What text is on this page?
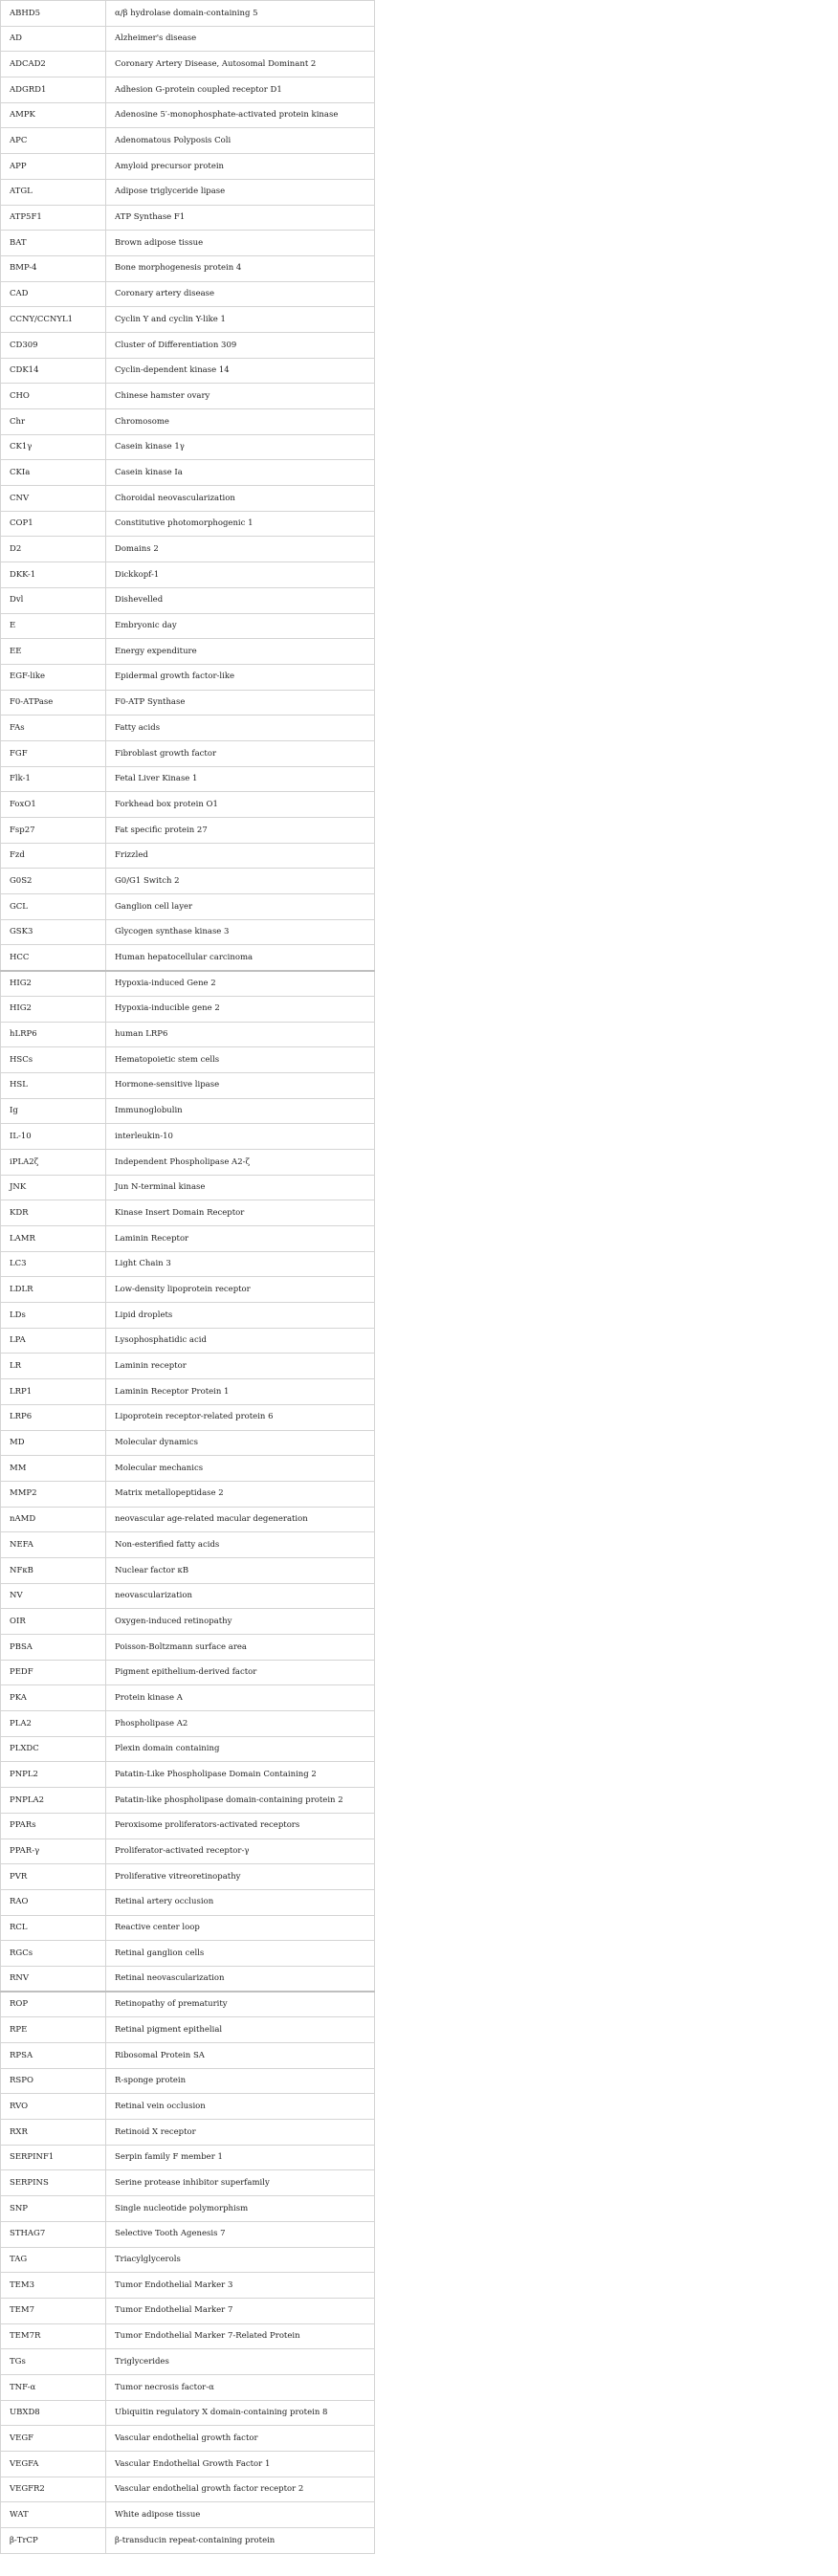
ABHD5	α/β hydrolase domain-containing 5
AD	Alzheimer's disease
ADCAD2	Coronary Artery Disease, Autosomal Dominant 2
ADGRD1	Adhesion G-protein coupled receptor D1
AMPK	Adenosine 5′-monophosphate-activated protein kinase
APC	Adenomatous Polyposis Coli
APP	Amyloid precursor protein
ATGL	Adipose triglyceride lipase
ATP5F1	ATP Synthase F1
BAT	Brown adipose tissue
BMP-4	Bone morphogenesis protein 4
CAD	Coronary artery disease
CCNY/CCNYL1	Cyclin Y and cyclin Y-like 1
CD309	Cluster of Differentiation 309
CDK14	Cyclin-dependent kinase 14
CHO	Chinese hamster ovary
Chr	Chromosome
CK1γ	Casein kinase 1γ
CKIa	Casein kinase Ia
CNV	Choroidal neovascularization
COP1	Constitutive photomorphogenic 1
D2	Domains 2
DKK-1	Dickkopf-1
Dvl	Dishevelled
E	Embryonic day
EE	Energy expenditure
EGF-like	Epidermal growth factor-like
F0-ATPase	F0-ATP Synthase
FAs	Fatty acids
FGF	Fibroblast growth factor
Flk-1	Fetal Liver Kinase 1
FoxO1	Forkhead box protein O1
Fsp27	Fat specific protein 27
Fzd	Frizzled
G0S2	G0/G1 Switch 2
GCL	Ganglion cell layer
GSK3	Glycogen synthase kinase 3
HCC	Human hepatocellular carcinoma
HIG2	Hypoxia-induced Gene 2
HIG2	Hypoxia-inducible gene 2
hLRP6	human LRP6
HSCs	Hematopoietic stem cells
HSL	Hormone-sensitive lipase
Ig	Immunoglobulin
IL-10	interleukin-10
iPLA2ζ	Independent Phospholipase A2-ζ
JNK	Jun N-terminal kinase
KDR	Kinase Insert Domain Receptor
LAMR	Laminin Receptor
LC3	Light Chain 3
LDLR	Low-density lipoprotein receptor
LDs	Lipid droplets
LPA	Lysophosphatidic acid
LR	Laminin receptor
LRP1	Laminin Receptor Protein 1
LRP6	Lipoprotein receptor-related protein 6
MD	Molecular dynamics
MM	Molecular mechanics
MMP2	Matrix metallopeptidase 2
nAMD	neovascular age-related macular degeneration
NEFA	Non-esterified fatty acids
NFκB	Nuclear factor κB
NV	neovascularization
OIR	Oxygen-induced retinopathy
PBSA	Poisson-Boltzmann surface area
PEDF	Pigment epithelium-derived factor
PKA	Protein kinase A
PLA2	Phospholipase A2
PLXDC	Plexin domain containing
PNPL2	Patatin-Like Phospholipase Domain Containing 2
PNPLA2	Patatin-like phospholipase domain-containing protein 2
PPARs	Peroxisome proliferators-activated receptors
PPAR-γ	Proliferator-activated receptor-γ
PVR	Proliferative vitreoretinopathy
RAO	Retinal artery occlusion
RCL	Reactive center loop
RGCs	Retinal ganglion cells
RNV	Retinal neovascularization
ROP	Retinopathy of prematurity
RPE	Retinal pigment epithelial
RPSA	Ribosomal Protein SA
RSPO	R-sponge protein
RVO	Retinal vein occlusion
RXR	Retinoid X receptor
SERPINF1	Serpin family F member 1
SERPINS	Serine protease inhibitor superfamily
SNP	Single nucleotide polymorphism
STHAG7	Selective Tooth Agenesis 7
TAG	Triacylglycerols
TEM3	Tumor Endothelial Marker 3
TEM7	Tumor Endothelial Marker 7
TEM7R	Tumor Endothelial Marker 7-Related Protein
TGs	Triglycerides
TNF-α	Tumor necrosis factor-α
UBXD8	Ubiquitin regulatory X domain-containing protein 8
VEGF	Vascular endothelial growth factor
VEGFA	Vascular Endothelial Growth Factor 1
VEGFR2	Vascular endothelial growth factor receptor 2
WAT	White adipose tissue
β-TrCP	β-transducin repeat-containing protein
